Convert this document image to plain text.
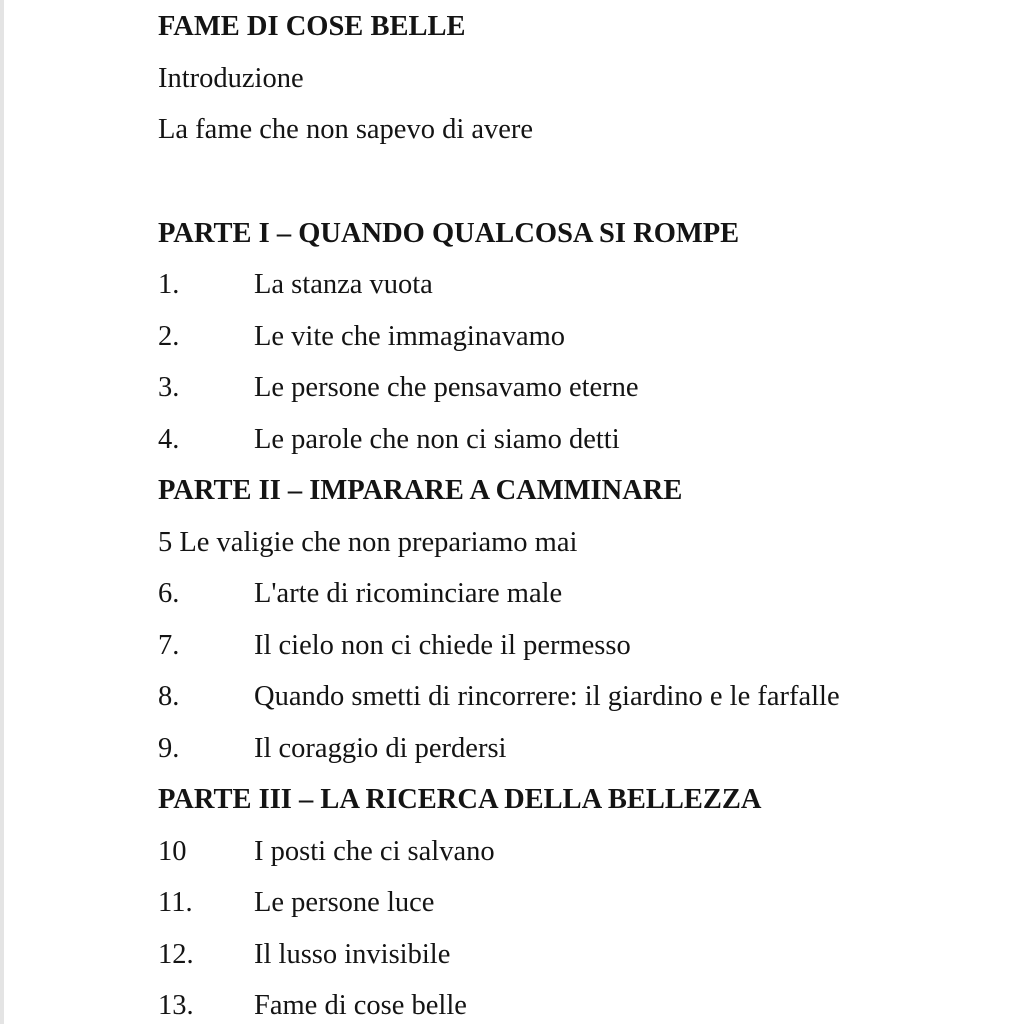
FAME DI COSE BELLE
Introduzione
La fame che non sapevo di avere
PARTE I – QUANDO QUALCOSA SI ROMPE
1.	La stanza vuota
2.	Le vite che immaginavamo
3.	Le persone che pensavamo eterne
4.	Le parole che non ci siamo detti
PARTE II – IMPARARE A CAMMINARE
5 Le valigie che non prepariamo mai
6.	L'arte di ricominciare male
7.	Il cielo non ci chiede il permesso
8.	Quando smetti di rincorrere: il giardino e le farfalle
9.	Il coraggio di perdersi
PARTE III – LA RICERCA DELLA BELLEZZA
10 I posti che ci salvano
11. Le persone luce
12. Il lusso invisibile
13. Fame di cose belle
